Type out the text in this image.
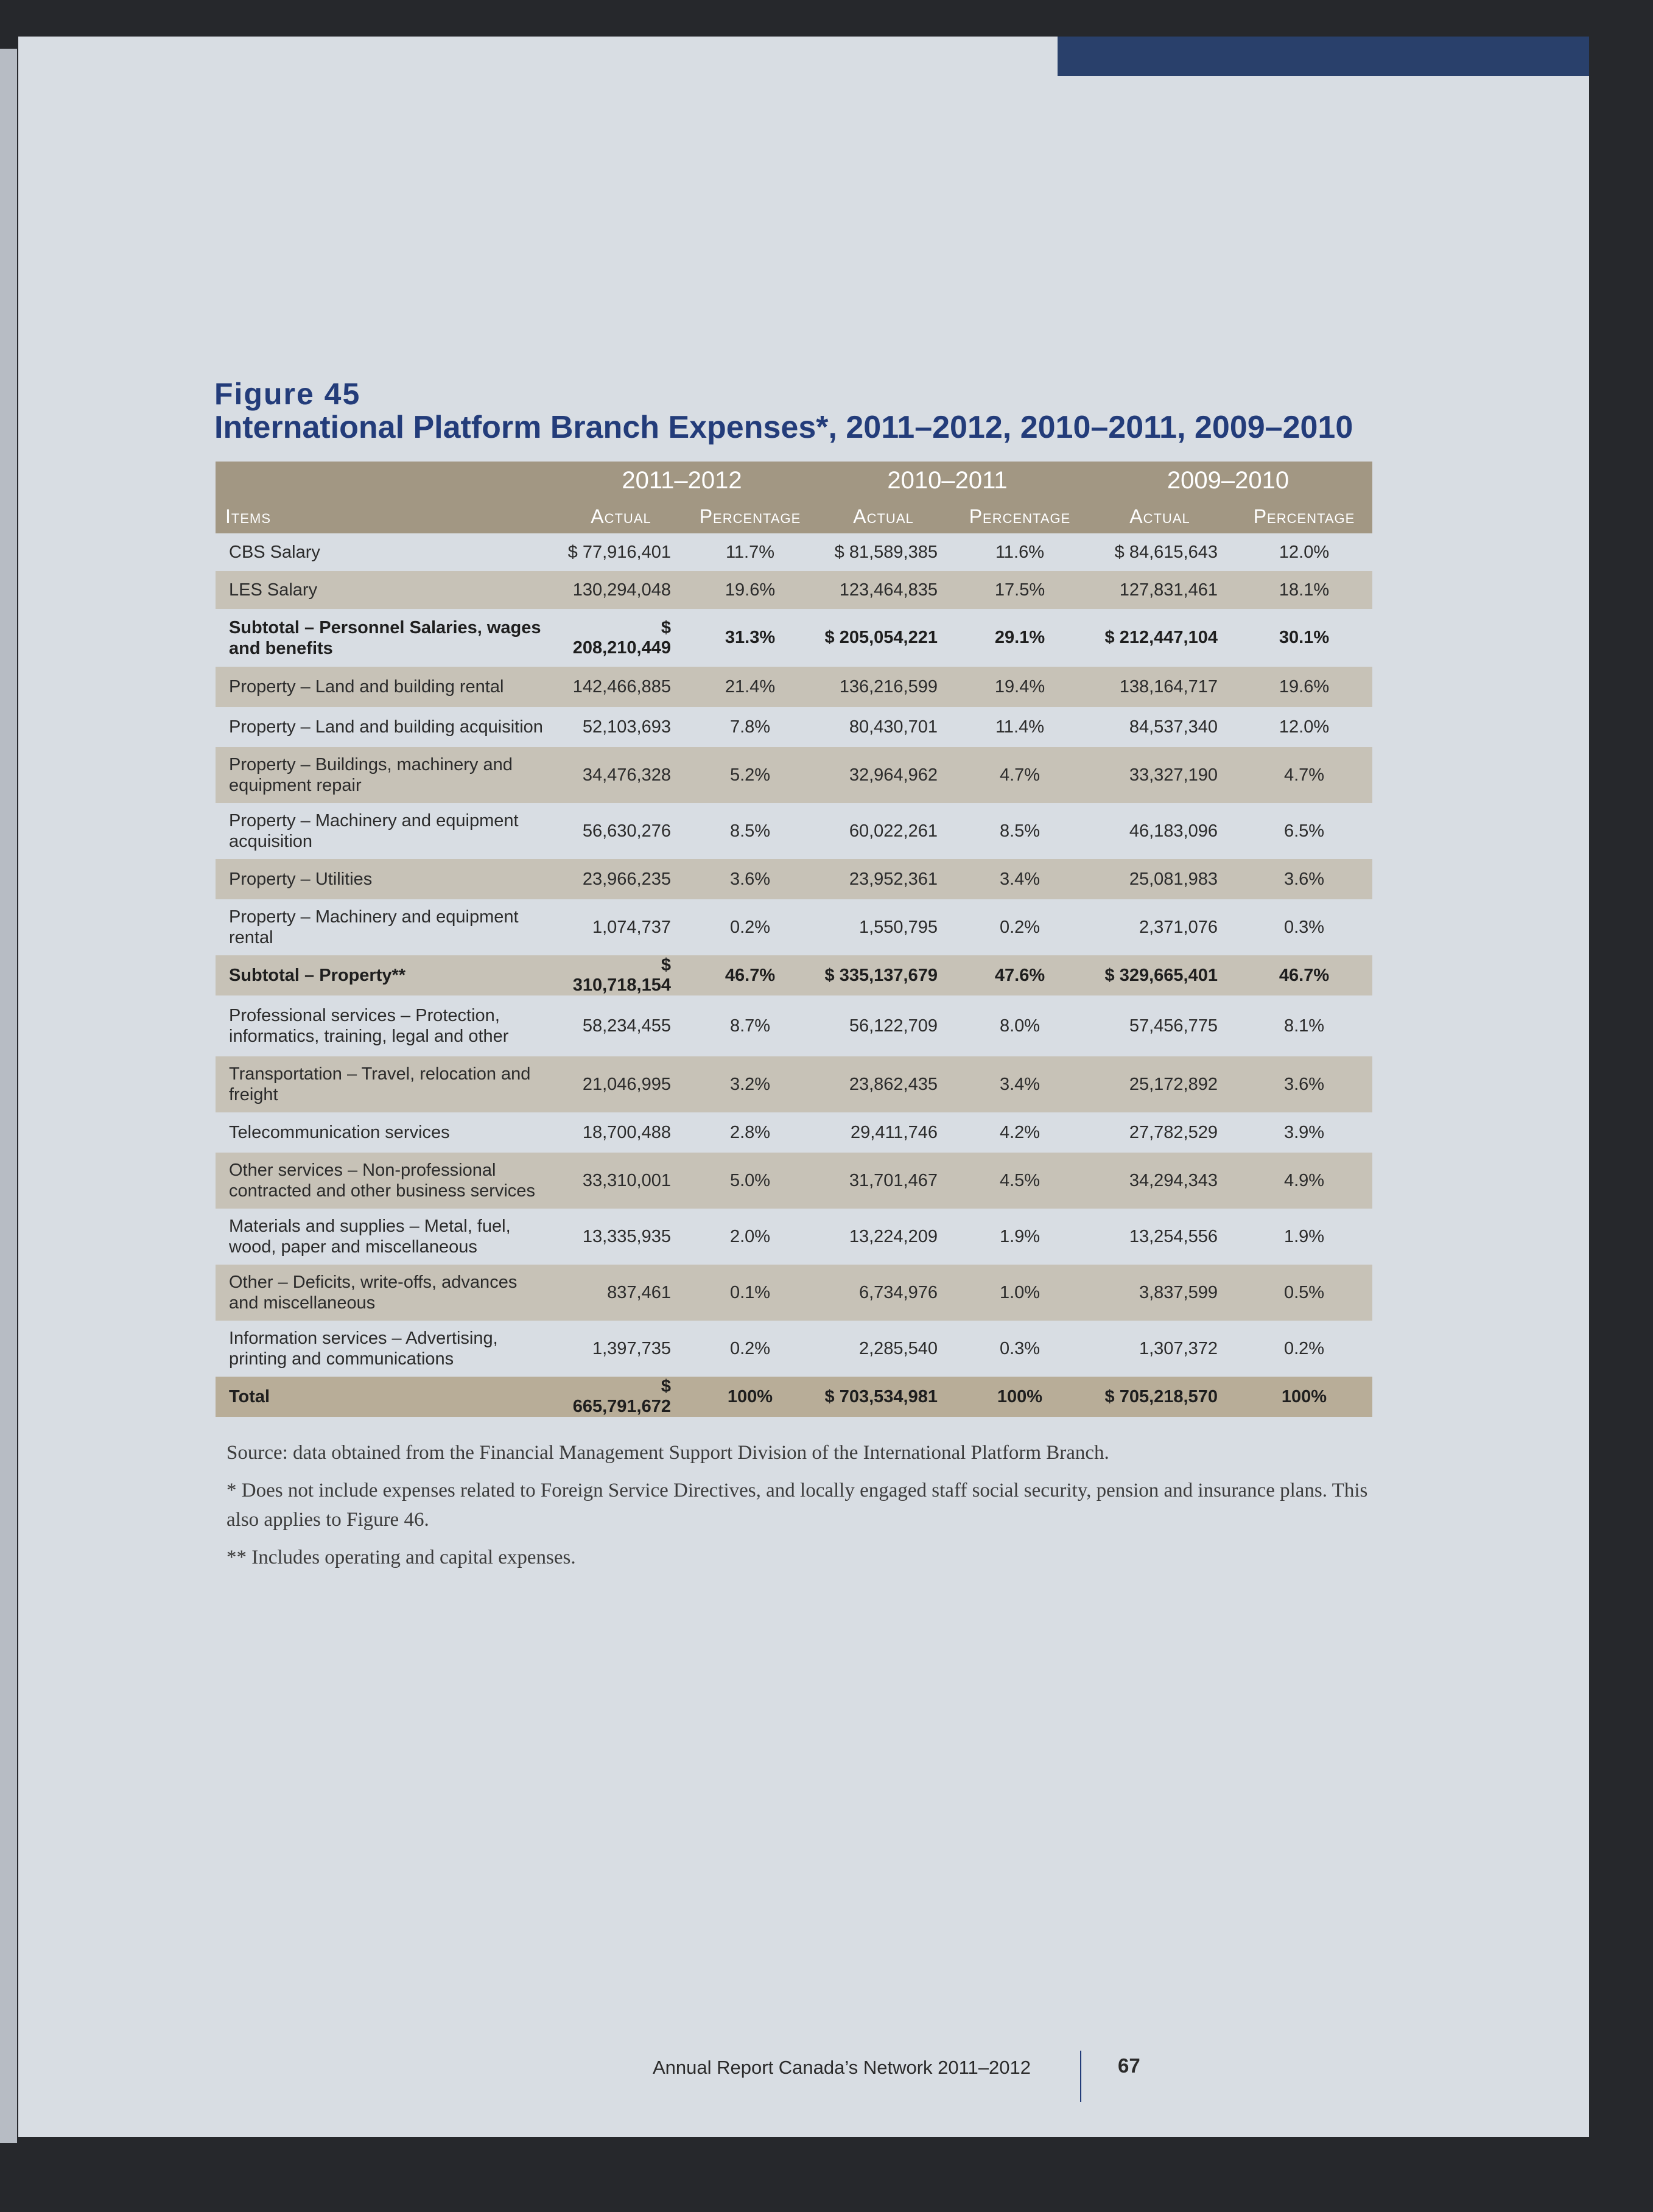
Figure 45
International Platform Branch Expenses*, 2011–2012, 2010–2011, 2009–2010
	2011–2012		2010–2011		2009–2010	
Items	Actual	Percentage	Actual	Percentage	Actual	Percentage
CBS Salary	$ 77,916,401	11.7%	$ 81,589,385	11.6%	$ 84,615,643	12.0%
LES Salary	130,294,048	19.6%	123,464,835	17.5%	127,831,461	18.1%
Subtotal – Personnel Salaries, wages and benefits	$ 208,210,449	31.3%	$ 205,054,221	29.1%	$ 212,447,104	30.1%
Property – Land and building rental	142,466,885	21.4%	136,216,599	19.4%	138,164,717	19.6%
Property – Land and building acquisition	52,103,693	7.8%	80,430,701	11.4%	84,537,340	12.0%
Property – Buildings, machinery and equipment repair	34,476,328	5.2%	32,964,962	4.7%	33,327,190	4.7%
Property – Machinery and equipment acquisition	56,630,276	8.5%	60,022,261	8.5%	46,183,096	6.5%
Property – Utilities	23,966,235	3.6%	23,952,361	3.4%	25,081,983	3.6%
Property – Machinery and equipment rental	1,074,737	0.2%	1,550,795	0.2%	2,371,076	0.3%
Subtotal – Property**	$ 310,718,154	46.7%	$ 335,137,679	47.6%	$ 329,665,401	46.7%
Professional services – Protection, informatics, training, legal and other	58,234,455	8.7%	56,122,709	8.0%	57,456,775	8.1%
Transportation – Travel, relocation and freight	21,046,995	3.2%	23,862,435	3.4%	25,172,892	3.6%
Telecommunication services	18,700,488	2.8%	29,411,746	4.2%	27,782,529	3.9%
Other services – Non-professional contracted and other business services	33,310,001	5.0%	31,701,467	4.5%	34,294,343	4.9%
Materials and supplies – Metal, fuel, wood, paper and miscellaneous	13,335,935	2.0%	13,224,209	1.9%	13,254,556	1.9%
Other – Deficits, write-offs, advances and miscellaneous	837,461	0.1%	6,734,976	1.0%	3,837,599	0.5%
Information services – Advertising, printing and communications	1,397,735	0.2%	2,285,540	0.3%	1,307,372	0.2%
Total	$ 665,791,672	100%	$ 703,534,981	100%	$ 705,218,570	100%

Source: data obtained from the Financial Management Support Division of the International Platform Branch.

* Does not include expenses related to Foreign Service Directives, and locally engaged staff social security, pension and insurance plans. This also applies to Figure 46.

** Includes operating and capital expenses.

Annual Report Canada’s Network 2011–2012	67
